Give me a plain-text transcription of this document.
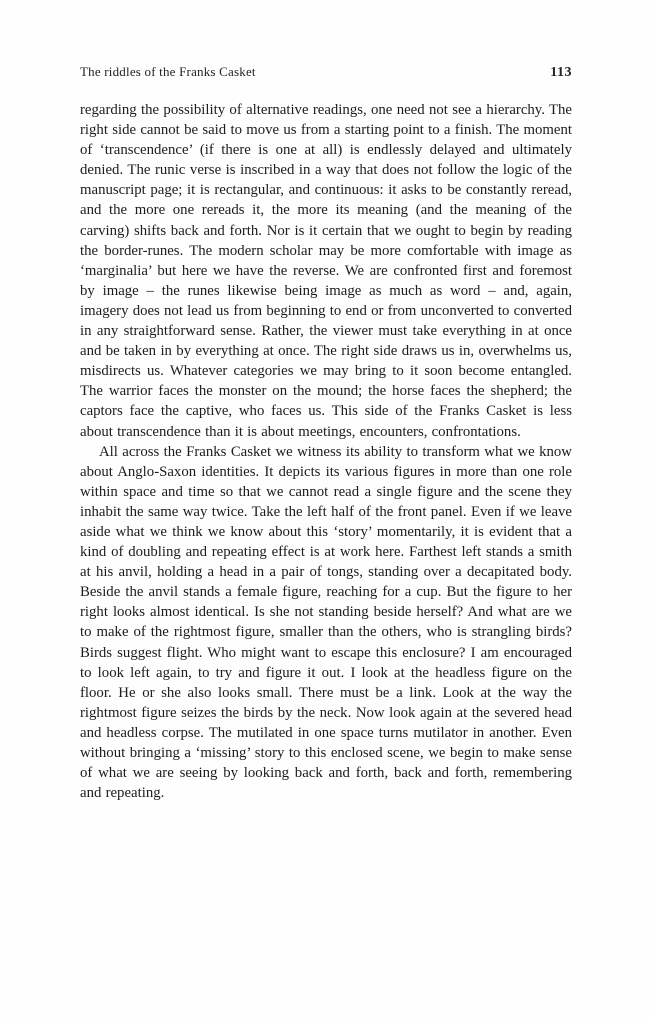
The riddles of the Franks Casket	113

regarding the possibility of alternative readings, one need not see a hierarchy. The right side cannot be said to move us from a starting point to a finish. The moment of ‘transcendence’ (if there is one at all) is endlessly delayed and ultimately denied. The runic verse is inscribed in a way that does not follow the logic of the manuscript page; it is rectangular, and continuous: it asks to be constantly reread, and the more one rereads it, the more its meaning (and the meaning of the carving) shifts back and forth. Nor is it certain that we ought to begin by reading the border-runes. The modern scholar may be more comfortable with image as ‘marginalia’ but here we have the reverse. We are confronted first and foremost by image – the runes likewise being image as much as word – and, again, imagery does not lead us from beginning to end or from unconverted to converted in any straightforward sense. Rather, the viewer must take everything in at once and be taken in by everything at once. The right side draws us in, overwhelms us, misdirects us. Whatever categories we may bring to it soon become entangled. The warrior faces the monster on the mound; the horse faces the shepherd; the captors face the captive, who faces us. This side of the Franks Casket is less about transcendence than it is about meetings, encounters, confrontations.

All across the Franks Casket we witness its ability to transform what we know about Anglo-Saxon identities. It depicts its various figures in more than one role within space and time so that we cannot read a single figure and the scene they inhabit the same way twice. Take the left half of the front panel. Even if we leave aside what we think we know about this ‘story’ momentarily, it is evident that a kind of doubling and repeating effect is at work here. Farthest left stands a smith at his anvil, holding a head in a pair of tongs, standing over a decapitated body. Beside the anvil stands a female figure, reaching for a cup. But the figure to her right looks almost identical. Is she not standing beside herself? And what are we to make of the rightmost figure, smaller than the others, who is strangling birds? Birds suggest flight. Who might want to escape this enclosure? I am encouraged to look left again, to try and figure it out. I look at the headless figure on the floor. He or she also looks small. There must be a link. Look at the way the rightmost figure seizes the birds by the neck. Now look again at the severed head and headless corpse. The mutilated in one space turns mutilator in another. Even without bringing a ‘missing’ story to this enclosed scene, we begin to make sense of what we are seeing by looking back and forth, back and forth, remembering and repeating.
